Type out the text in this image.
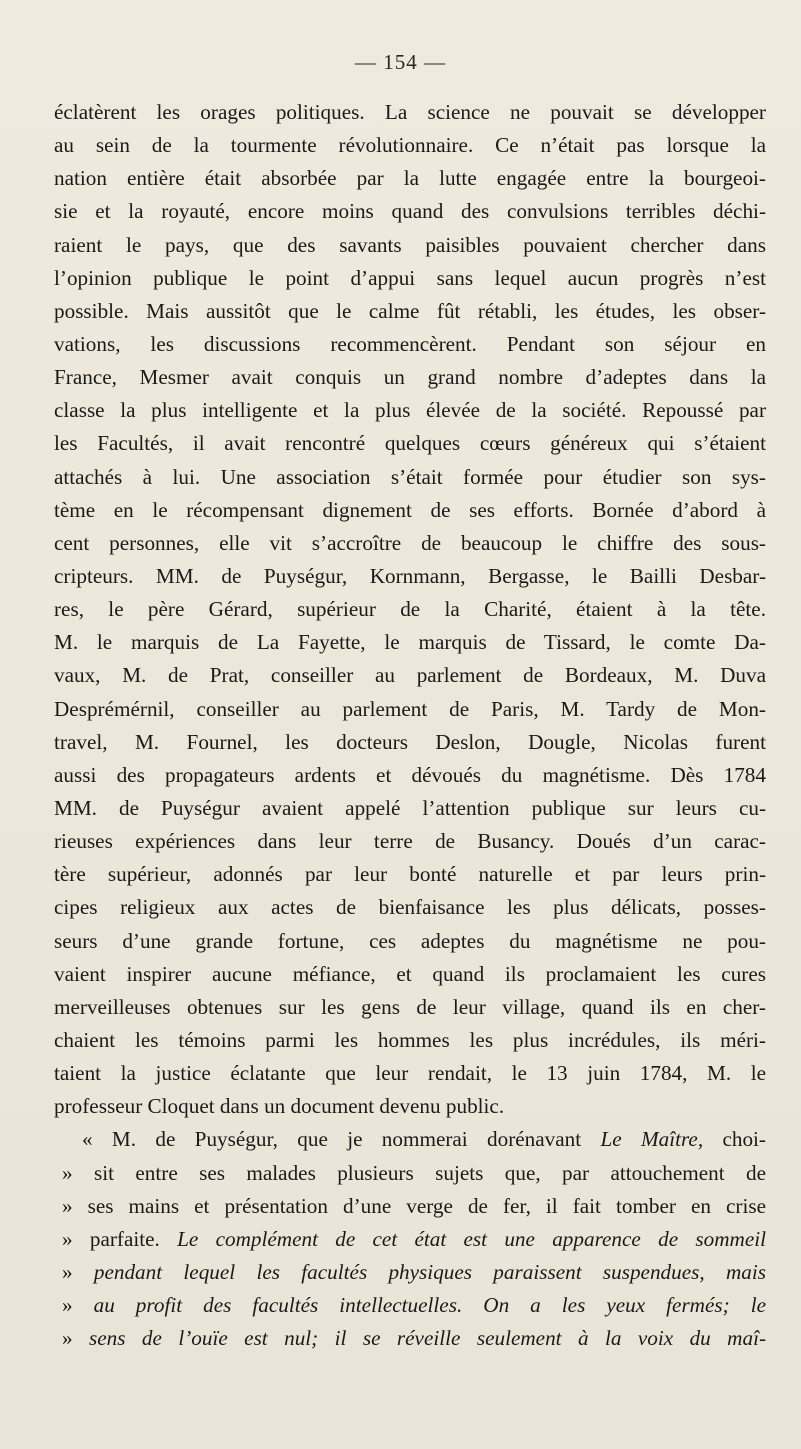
— 154 —
éclatèrent les orages politiques. La science ne pouvait se développer
au sein de la tourmente révolutionnaire. Ce n’était pas lorsque la
nation entière était absorbée par la lutte engagée entre la bourgeoi-
sie et la royauté, encore moins quand des convulsions terribles déchi-
raient le pays, que des savants paisibles pouvaient chercher dans
l’opinion publique le point d’appui sans lequel aucun progrès n’est
possible. Mais aussitôt que le calme fût rétabli, les études, les obser-
vations, les discussions recommencèrent. Pendant son séjour en
France, Mesmer avait conquis un grand nombre d’adeptes dans la
classe la plus intelligente et la plus élevée de la société. Repoussé par
les Facultés, il avait rencontré quelques cœurs généreux qui s’étaient
attachés à lui. Une association s’était formée pour étudier son sys-
tème en le récompensant dignement de ses efforts. Bornée d’abord à
cent personnes, elle vit s’accroître de beaucoup le chiffre des sous-
cripteurs. MM. de Puységur, Kornmann, Bergasse, le Bailli Desbar-
res, le père Gérard, supérieur de la Charité, étaient à la tête.
M. le marquis de La Fayette, le marquis de Tissard, le comte Da-
vaux, M. de Prat, conseiller au parlement de Bordeaux, M. Duva
Desprémérnil, conseiller au parlement de Paris, M. Tardy de Mon-
travel, M. Fournel, les docteurs Deslon, Dougle, Nicolas furent
aussi des propagateurs ardents et dévoués du magnétisme. Dès 1784
MM. de Puységur avaient appelé l’attention publique sur leurs cu-
rieuses expériences dans leur terre de Busancy. Doués d’un carac-
tère supérieur, adonnés par leur bonté naturelle et par leurs prin-
cipes religieux aux actes de bienfaisance les plus délicats, posses-
seurs d’une grande fortune, ces adeptes du magnétisme ne pou-
vaient inspirer aucune méfiance, et quand ils proclamaient les cures
merveilleuses obtenues sur les gens de leur village, quand ils en cher-
chaient les témoins parmi les hommes les plus incrédules, ils méri-
taient la justice éclatante que leur rendait, le 13 juin 1784, M. le
professeur Cloquet dans un document devenu public.
« M. de Puységur, que je nommerai dorénavant Le Maître, choi-
» sit entre ses malades plusieurs sujets que, par attouchement de
» ses mains et présentation d’une verge de fer, il fait tomber en crise
» parfaite. Le complément de cet état est une apparence de sommeil
» pendant lequel les facultés physiques paraissent suspendues, mais
» au profit des facultés intellectuelles. On a les yeux fermés; le
» sens de l’ouïe est nul; il se réveille seulement à la voix du maî-
